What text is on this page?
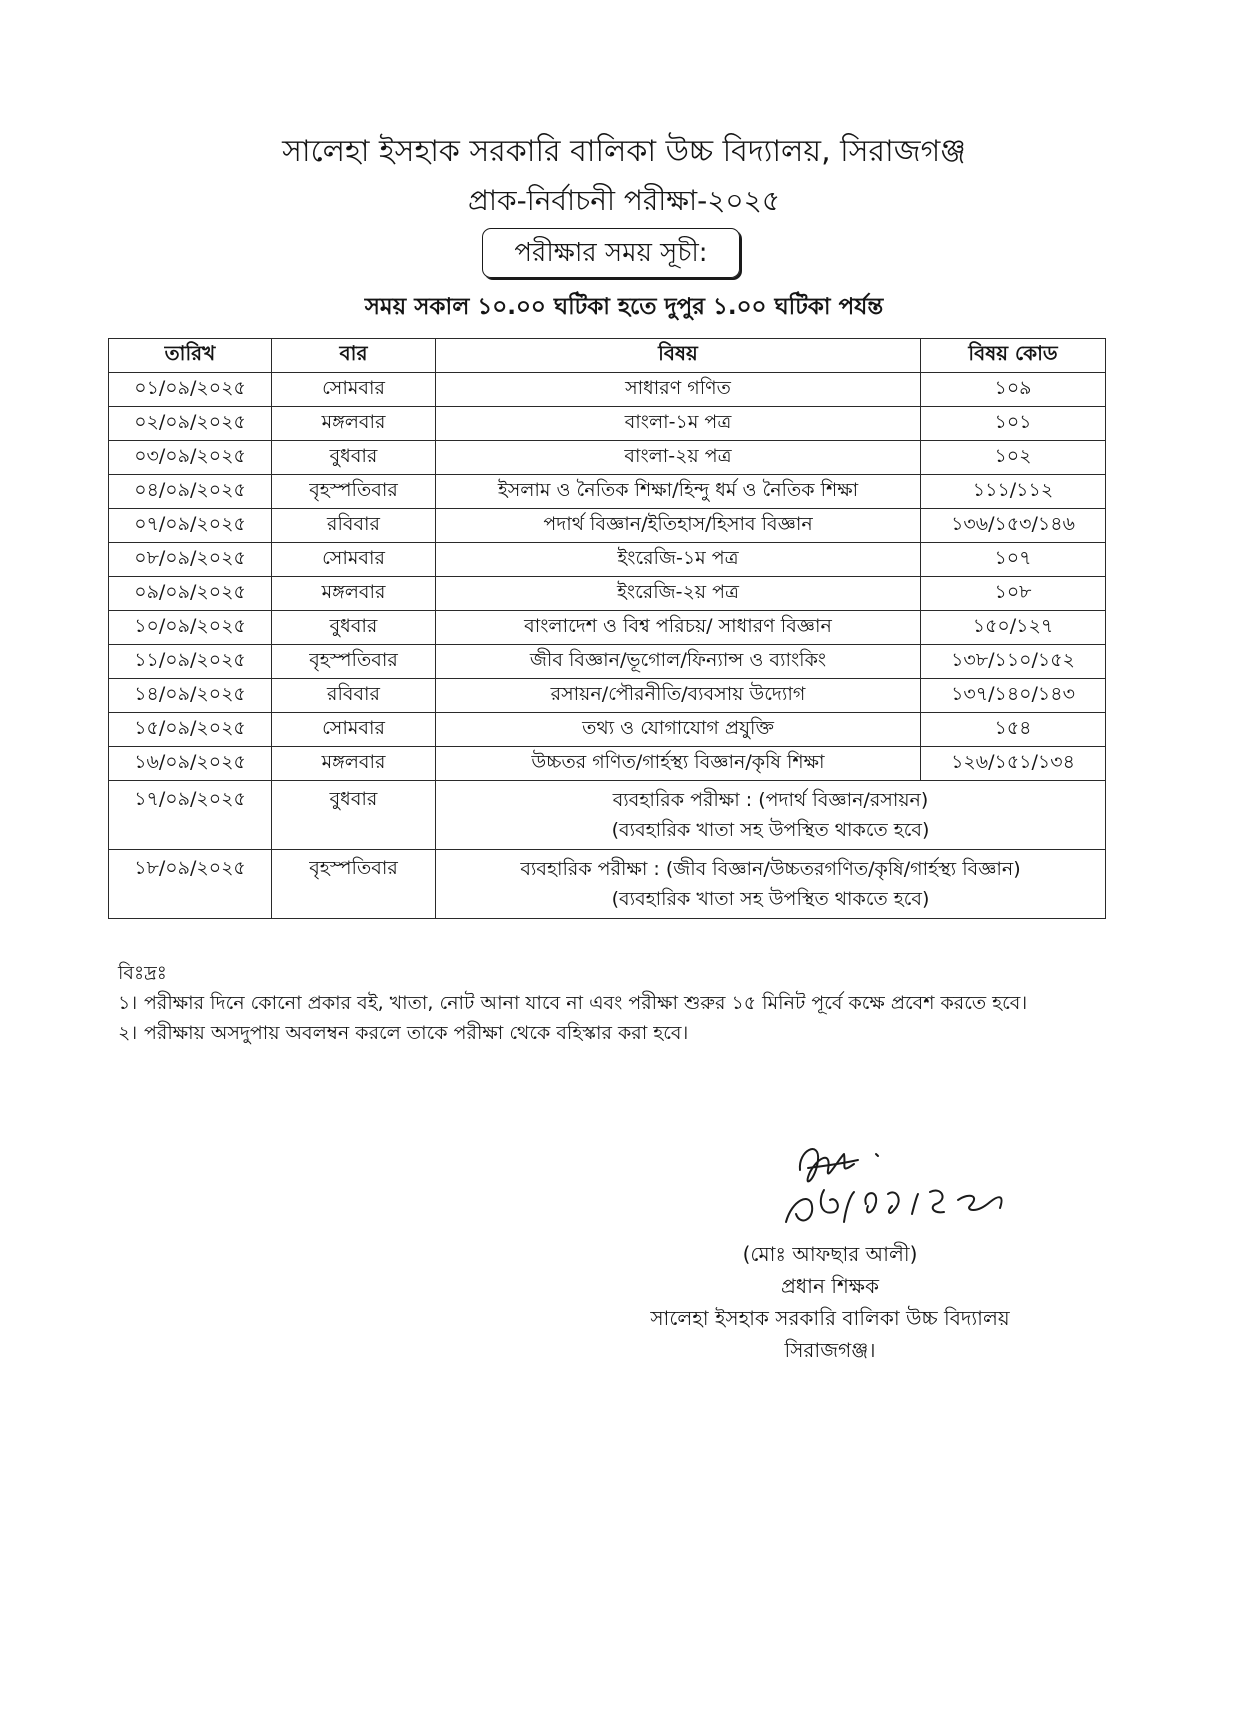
সালেহা ইসহাক সরকারি বালিকা উচ্চ বিদ্যালয়, সিরাজগঞ্জ
প্রাক-নির্বাচনী পরীক্ষা-২০২৫
পরীক্ষার সময় সূচী:
সময় সকাল ১০.০০ ঘটিকা হতে দুপুর ১.০০ ঘটিকা পর্যন্ত
তারিখ	বার	বিষয়	বিষয় কোড
০১/০৯/২০২৫	সোমবার	সাধারণ গণিত	১০৯
০২/০৯/২০২৫	মঙ্গলবার	বাংলা-১ম পত্র	১০১
০৩/০৯/২০২৫	বুধবার	বাংলা-২য় পত্র	১০২
০৪/০৯/২০২৫	বৃহস্পতিবার	ইসলাম ও নৈতিক শিক্ষা/হিন্দু ধর্ম ও নৈতিক শিক্ষা	১১১/১১২
০৭/০৯/২০২৫	রবিবার	পদার্থ বিজ্ঞান/ইতিহাস/হিসাব বিজ্ঞান	১৩৬/১৫৩/১৪৬
০৮/০৯/২০২৫	সোমবার	ইংরেজি-১ম পত্র	১০৭
০৯/০৯/২০২৫	মঙ্গলবার	ইংরেজি-২য় পত্র	১০৮
১০/০৯/২০২৫	বুধবার	বাংলাদেশ ও বিশ্ব পরিচয়/ সাধারণ বিজ্ঞান	১৫০/১২৭
১১/০৯/২০২৫	বৃহস্পতিবার	জীব বিজ্ঞান/ভূগোল/ফিন্যান্স ও ব্যাংকিং	১৩৮/১১০/১৫২
১৪/০৯/২০২৫	রবিবার	রসায়ন/পৌরনীতি/ব্যবসায় উদ্যোগ	১৩৭/১৪০/১৪৩
১৫/০৯/২০২৫	সোমবার	তথ্য ও যোগাযোগ প্রযুক্তি	১৫৪
১৬/০৯/২০২৫	মঙ্গলবার	উচ্চতর গণিত/গার্হস্থ্য বিজ্ঞান/কৃষি শিক্ষা	১২৬/১৫১/১৩৪
১৭/০৯/২০২৫	বুধবার	ব্যবহারিক পরীক্ষা : (পদার্থ বিজ্ঞান/রসায়ন)
(ব্যবহারিক খাতা সহ উপস্থিত থাকতে হবে)	

১৮/০৯/২০২৫	বৃহস্পতিবার	ব্যবহারিক পরীক্ষা : (জীব বিজ্ঞান/উচ্চতরগণিত/কৃষি/গার্হস্থ্য বিজ্ঞান)
(ব্যবহারিক খাতা সহ উপস্থিত থাকতে হবে)	
বিঃদ্রঃ
১। পরীক্ষার দিনে কোনো প্রকার বই, খাতা, নোট আনা যাবে না এবং পরীক্ষা শুরুর ১৫ মিনিট পূর্বে কক্ষে প্রবেশ করতে হবে।
২। পরীক্ষায় অসদুপায় অবলম্বন করলে তাকে পরীক্ষা থেকে বহিস্কার করা হবে।
(মোঃ আফছার আলী)
প্রধান শিক্ষক
সালেহা ইসহাক সরকারি বালিকা উচ্চ বিদ্যালয়
সিরাজগঞ্জ।
